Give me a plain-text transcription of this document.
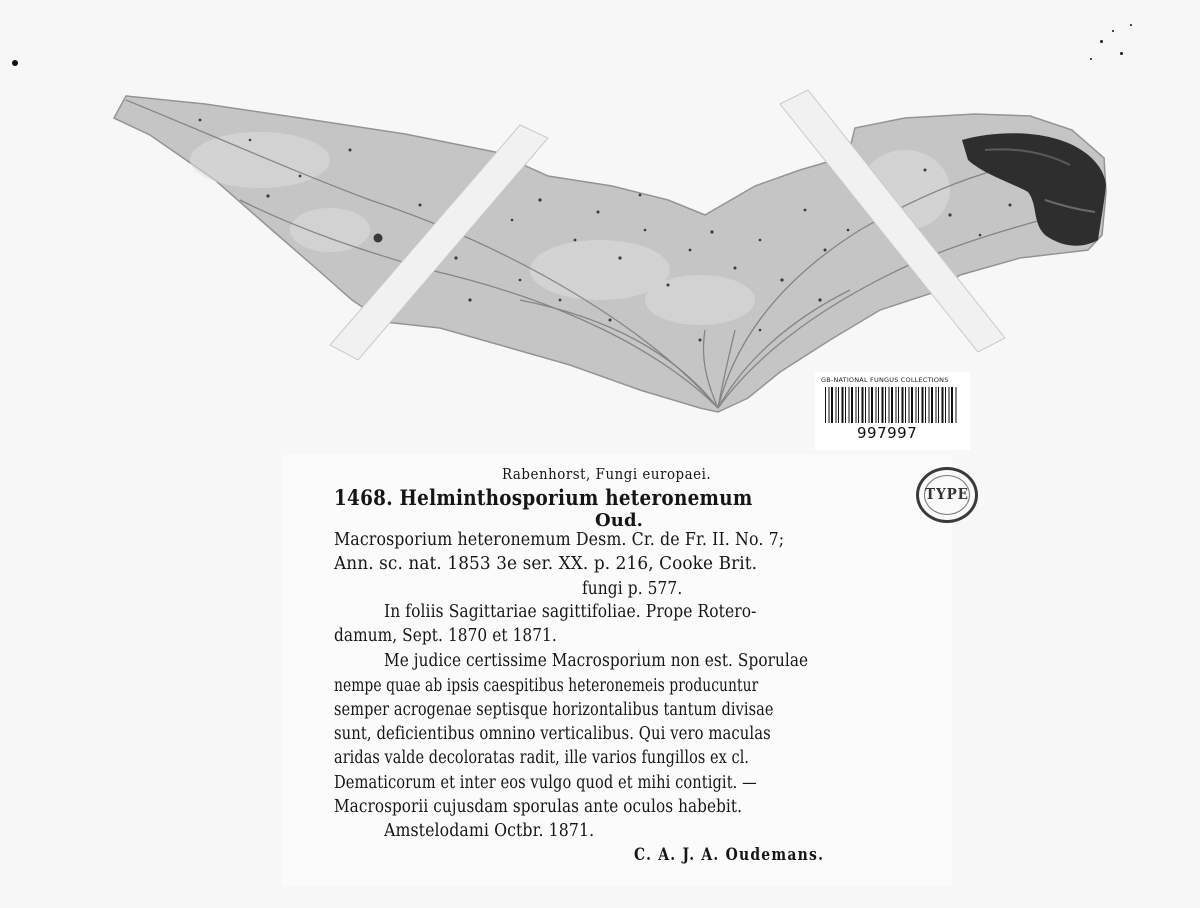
GB-NATIONAL FUNGUS COLLECTIONS
997997
Rabenhorst, Fungi europaei.
1468. Helminthosporium heteronemum
Oud.
Macrosporium heteronemum Desm. Cr. de Fr. II. No. 7;
Ann. sc. nat. 1853 3e ser. XX. p. 216, Cooke Brit.
fungi p. 577.
In foliis Sagittariae sagittifoliae. Prope Rotero-
damum, Sept. 1870 et 1871.
Me judice certissime Macrosporium non est. Sporulae
nempe quae ab ipsis caespitibus heteronemeis producuntur
semper acrogenae septisque horizontalibus tantum divisae
sunt, deficientibus omnino verticalibus. Qui vero maculas
aridas valde decoloratas radit, ille varios fungillos ex cl.
Dematicorum et inter eos vulgo quod et mihi contigit. —
Macrosporii cujusdam sporulas ante oculos habebit.
Amstelodami Octbr. 1871.
C. A. J. A. Oudemans.
TYPE
